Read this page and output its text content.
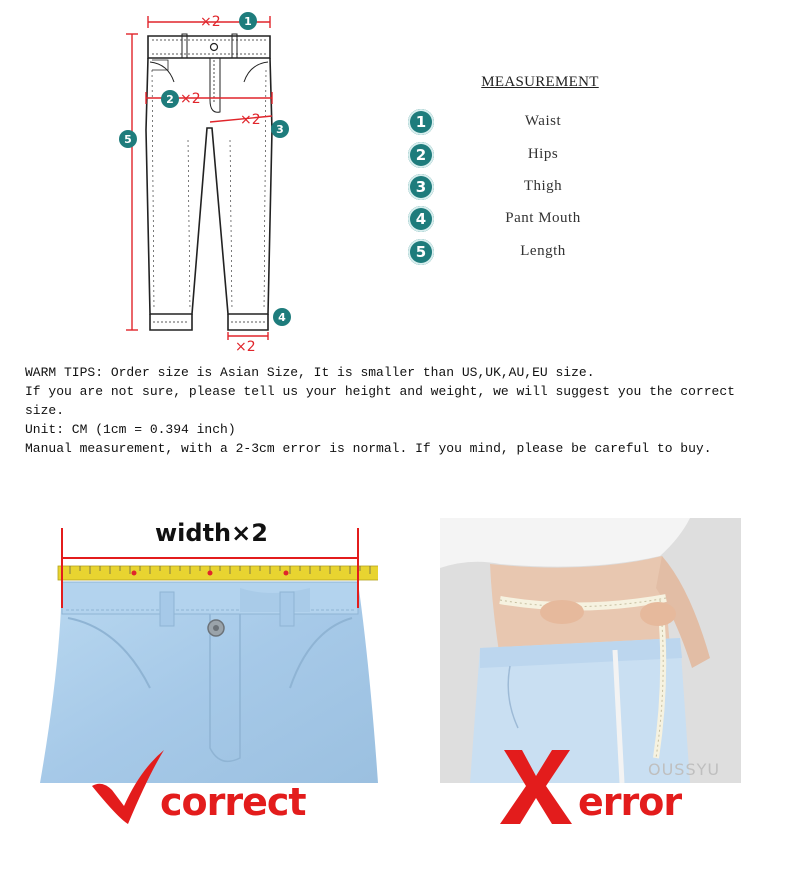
×2
×2
×2
×2
1
2
3
4
5
MEASUREMENT
1	Waist
2	Hips
3	Thigh
4	Pant Mouth
5	Length
WARM TIPS: Order size is Asian Size, It is smaller than US,UK,AU,EU size.
If you are not sure, please tell us your height and weight, we will suggest you the correct size.
Unit: CM (1cm = 0.394 inch)
Manual measurement, with a 2-3cm error is normal. If you mind, please be careful to buy.
width×2
OUSSYU
correct	error
